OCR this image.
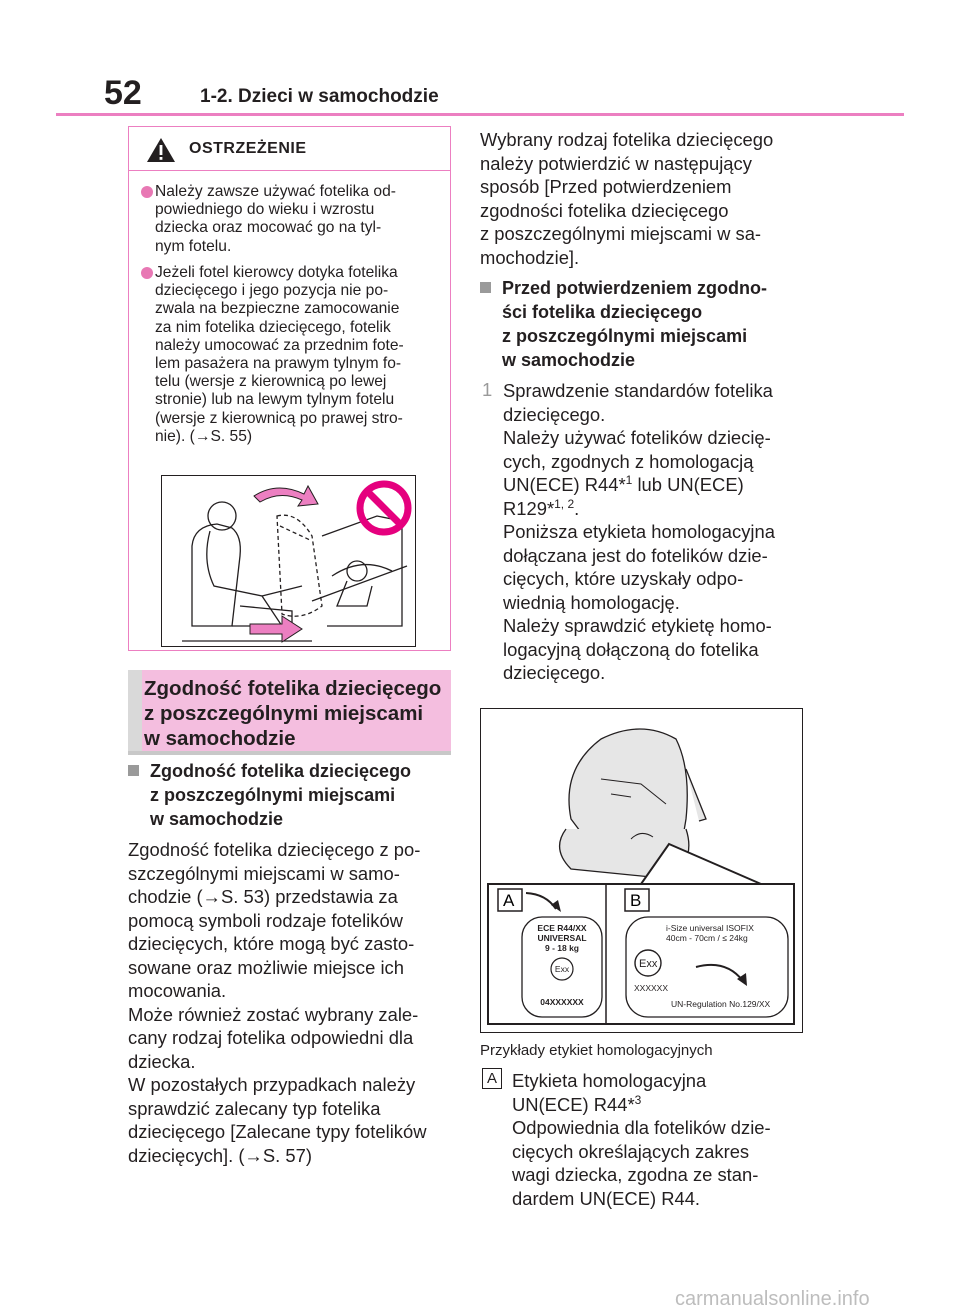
52	1-2. Dzieci w samochodzie
OSTRZEŻENIE
Należy zawsze używać fotelika od-
powiedniego do wieku i wzrostu
dziecka oraz mocować go na tyl-
nym fotelu.
Jeżeli fotel kierowcy dotyka fotelika
dziecięcego i jego pozycja nie po-
zwala na bezpieczne zamocowanie
za nim fotelika dziecięcego, fotelik
należy umocować za przednim fote-
lem pasażera na prawym tylnym fo-
telu (wersje z kierownicą po lewej
stronie) lub na lewym tylnym fotelu
(wersje z kierownicą po prawej stro-
nie). (→S. 55)
Zgodność fotelika dziecięcego
z poszczególnymi miejscami
w samochodzie
Zgodność fotelika dziecięcego
z poszczególnymi miejscami
w samochodzie
Zgodność fotelika dziecięcego z po-
szczególnymi miejscami w samo-
chodzie (→S. 53) przedstawia za
pomocą symboli rodzaje fotelików
dziecięcych, które mogą być zasto-
sowane oraz możliwie miejsce ich
mocowania.
Może również zostać wybrany zale-
cany rodzaj fotelika odpowiedni dla
dziecka.
W pozostałych przypadkach należy
sprawdzić zalecany typ fotelika
dziecięcego [Zalecane typy fotelików
dziecięcych]. (→S. 57)
Wybrany rodzaj fotelika dziecięcego
należy potwierdzić w następujący
sposób [Przed potwierdzeniem
zgodności fotelika dziecięcego
z poszczególnymi miejscami w sa-
mochodzie].
Przed potwierdzeniem zgodno-
ści fotelika dziecięcego
z poszczególnymi miejscami
w samochodzie
1 Sprawdzenie standardów fotelika
dziecięcego.
Należy używać fotelików dziecię-
cych, zgodnych z homologacją
UN(ECE) R44*$^1$ lub UN(ECE)
R129*$^{1, 2}$.
Poniższa etykieta homologacyjna
dołączana jest do fotelików dzie-
cięcych, które uzyskały odpo-
wiednią homologację.
Należy sprawdzić etykietę homo-
logacyjną dołączoną do fotelika
dziecięcego.
A	B
ECE R44/XX
UNIVERSAL
9 - 18 kg
Exx
04XXXXXX
i-Size universal ISOFIX
40cm - 70cm / ≤ 24kg
Exx
XXXXXX
UN-Regulation No.129/XX
Przykłady etykiet homologacyjnych
A Etykieta homologacyjna
UN(ECE) R44*$^3$
Odpowiednia dla fotelików dzie-
cięcych określających zakres
wagi dziecka, zgodna ze stan-
dardem UN(ECE) R44.
carmanualsonline.info
